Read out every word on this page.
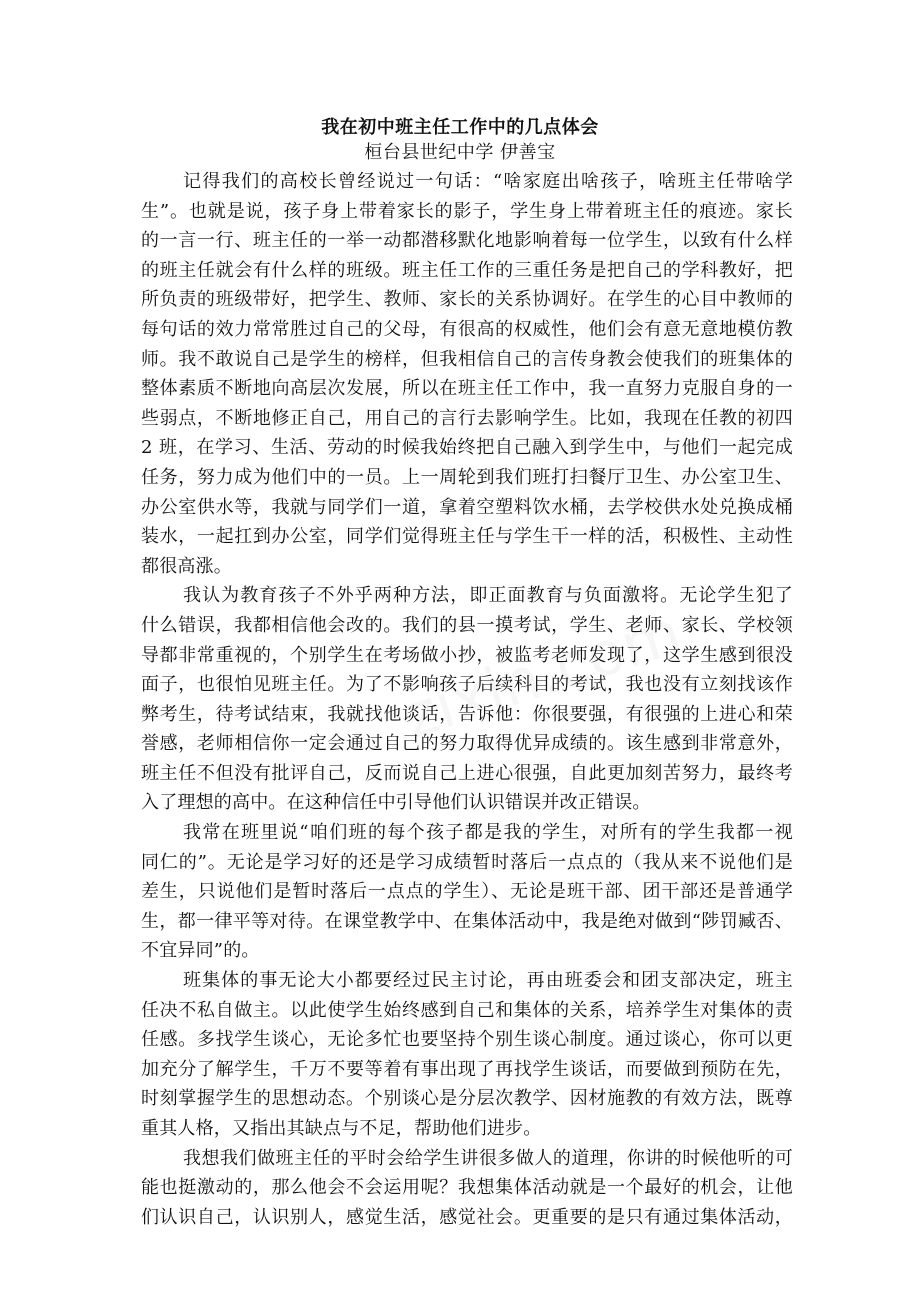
我在初中班主任工作中的几点体会
桓台县世纪中学 伊善宝
记得我们的高校长曾经说过一句话：“啥家庭出啥孩子，啥班主任带啥学
生”。也就是说，孩子身上带着家长的影子，学生身上带着班主任的痕迹。家长
的一言一行、班主任的一举一动都潜移默化地影响着每一位学生，以致有什么样
的班主任就会有什么样的班级。班主任工作的三重任务是把自己的学科教好，把
所负责的班级带好，把学生、教师、家长的关系协调好。在学生的心目中教师的
每句话的效力常常胜过自己的父母，有很高的权威性，他们会有意无意地模仿教
师。我不敢说自己是学生的榜样，但我相信自己的言传身教会使我们的班集体的
整体素质不断地向高层次发展，所以在班主任工作中，我一直努力克服自身的一
些弱点，不断地修正自己，用自己的言行去影响学生。比如，我现在任教的初四
2 班，在学习、生活、劳动的时候我始终把自己融入到学生中，与他们一起完成
任务，努力成为他们中的一员。上一周轮到我们班打扫餐厅卫生、办公室卫生、
办公室供水等，我就与同学们一道，拿着空塑料饮水桶，去学校供水处兑换成桶
装水，一起扛到办公室，同学们觉得班主任与学生干一样的活，积极性、主动性
都很高涨。
我认为教育孩子不外乎两种方法，即正面教育与负面激将。无论学生犯了
什么错误，我都相信他会改的。我们的县一摸考试，学生、老师、家长、学校领
导都非常重视的，个别学生在考场做小抄，被监考老师发现了，这学生感到很没
面子，也很怕见班主任。为了不影响孩子后续科目的考试，我也没有立刻找该作
弊考生，待考试结束，我就找他谈话，告诉他：你很要强，有很强的上进心和荣
誉感，老师相信你一定会通过自己的努力取得优异成绩的。该生感到非常意外，
班主任不但没有批评自己，反而说自己上进心很强，自此更加刻苦努力，最终考
入了理想的高中。在这种信任中引导他们认识错误并改正错误。
我常在班里说“咱们班的每个孩子都是我的学生，对所有的学生我都一视
同仁的”。无论是学习好的还是学习成绩暂时落后一点点的（我从来不说他们是
差生，只说他们是暂时落后一点点的学生）、无论是班干部、团干部还是普通学
生，都一律平等对待。在课堂教学中、在集体活动中，我是绝对做到“陟罚臧否、
不宜异同”的。
班集体的事无论大小都要经过民主讨论，再由班委会和团支部决定，班主
任决不私自做主。以此使学生始终感到自己和集体的关系，培养学生对集体的责
任感。多找学生谈心，无论多忙也要坚持个别生谈心制度。通过谈心，你可以更
加充分了解学生，千万不要等着有事出现了再找学生谈话，而要做到预防在先，
时刻掌握学生的思想动态。个别谈心是分层次教学、因材施教的有效方法，既尊
重其人格，又指出其缺点与不足，帮助他们进步。
我想我们做班主任的平时会给学生讲很多做人的道理，你讲的时候他听的可
能也挺激动的，那么他会不会运用呢？我想集体活动就是一个最好的机会，让他
们认识自己，认识别人，感觉生活，感觉社会。更重要的是只有通过集体活动，
